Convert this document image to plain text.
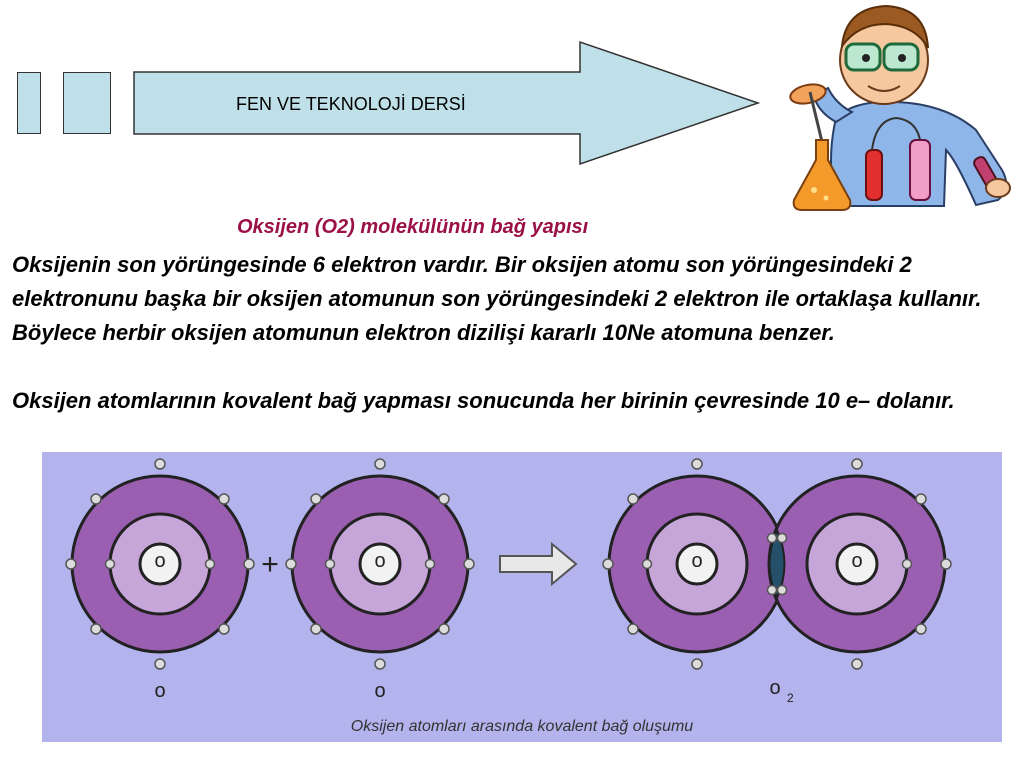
FEN VE TEKNOLOJİ DERSİ
Oksijen (O2) molekülünün bağ yapısı

Oksijenin son yörüngesinde 6 elektron vardır. Bir oksijen atomu son yörüngesindeki 2 elektronunu başka bir oksijen atomunun son yörüngesindeki 2 elektron ile ortaklaşa kullanır. Böylece herbir oksijen atomunun elektron dizilişi kararlı 10Ne atomuna benzer.

Oksijen atomlarının kovalent bağ yapması sonucunda her birinin çevresinde 10 e– dolanır.

o
o
+	o
o
o	o
o 2
Oksijen atomları arasında kovalent bağ oluşumu
